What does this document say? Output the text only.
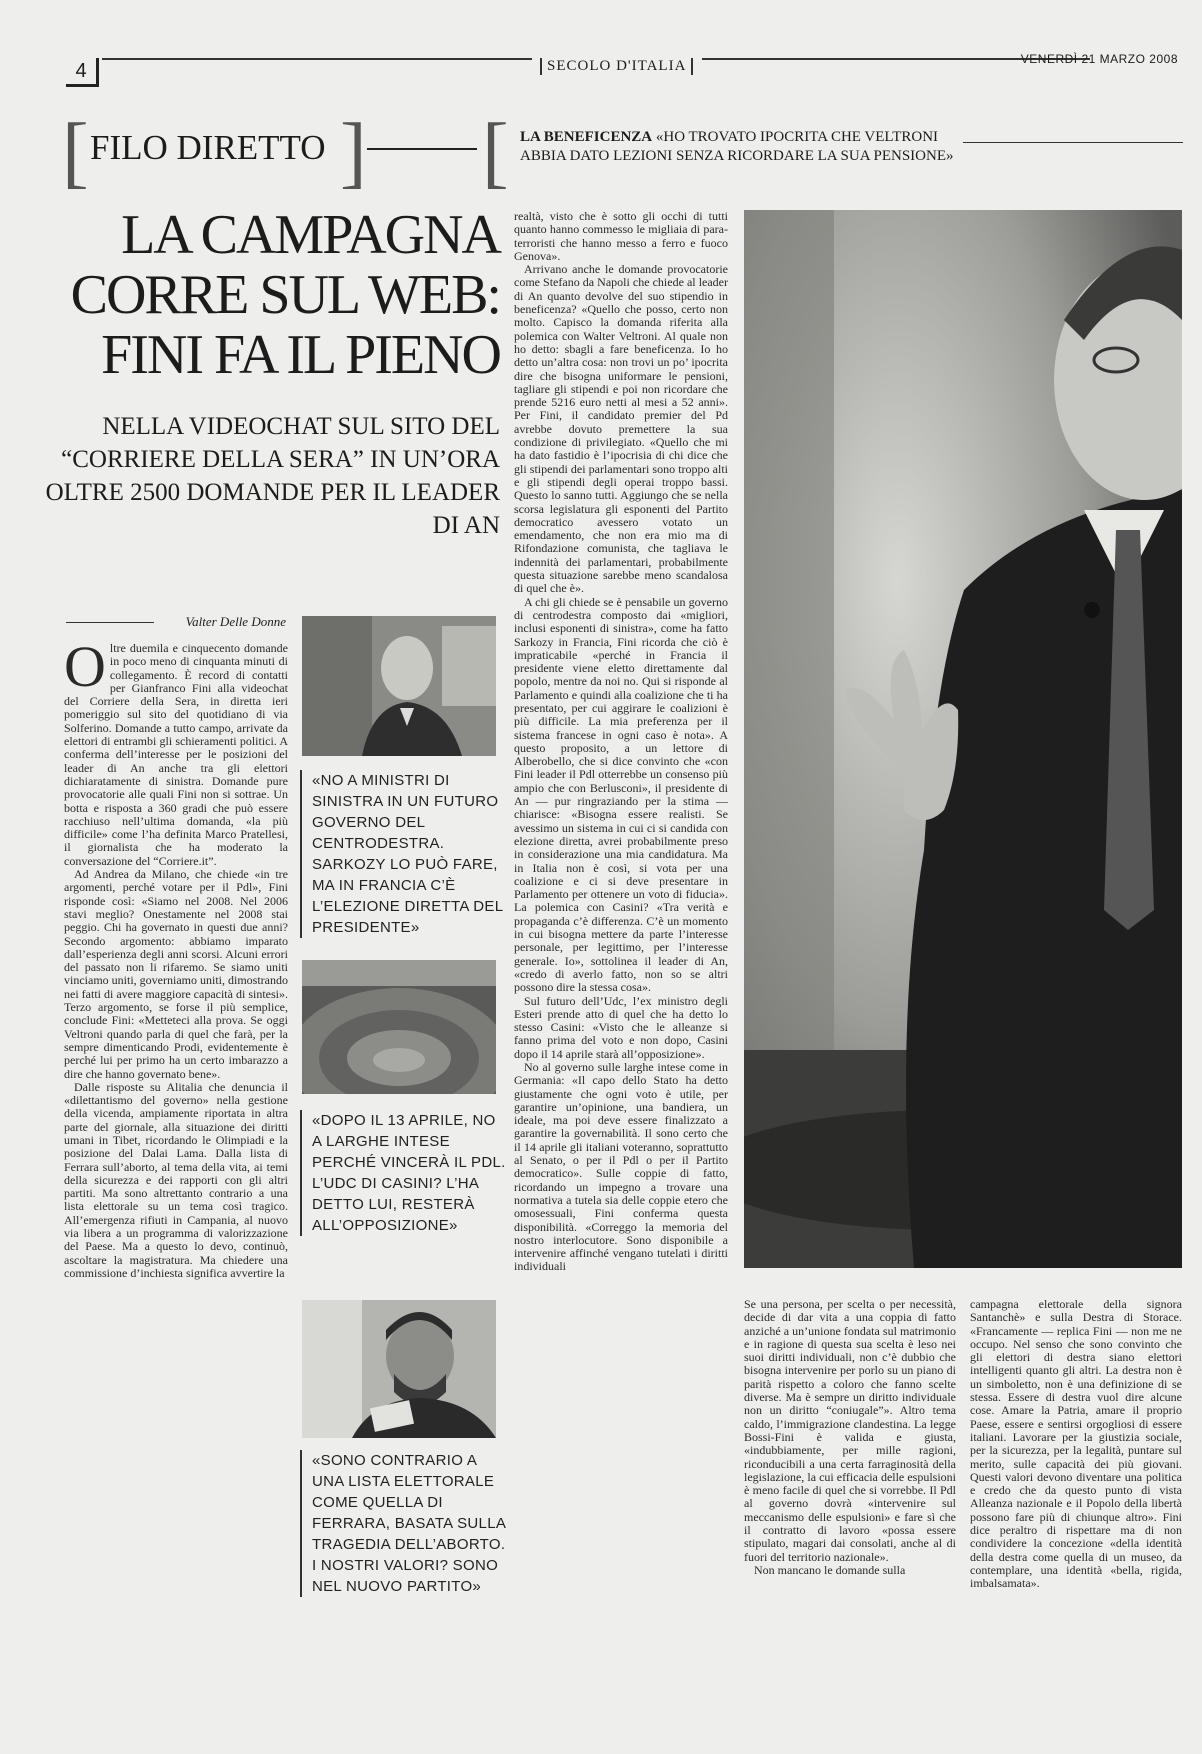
4	SECOLO D'ITALIA	VENERDÌ 21 MARZO 2008
[ FILO DIRETTO ] [ LA BENEFICENZA «HO TROVATO IPOCRITA CHE VELTRONI ABBIA DATO LEZIONI SENZA RICORDARE LA SUA PENSIONE»
LA CAMPAGNA CORRE SUL WEB: FINI FA IL PIENO
NELLA VIDEOCHAT SUL SITO DEL “CORRIERE DELLA SERA” IN UN’ORA OLTRE 2500 DOMANDE PER IL LEADER DI AN
Valter Delle Donne
O ltre duemila e cinquecento domande in poco meno di cinquanta minuti di collegamento. È record di contatti per Gianfranco Fini alla videochat del Corriere della Sera, in diretta ieri pomeriggio sul sito del quotidiano di via Solferino. Domande a tutto campo, arrivate da elettori di entrambi gli schieramenti politici. A conferma dell’interesse per le posizioni del leader di An anche tra gli elettori dichiaratamente di sinistra. Domande pure provocatorie alle quali Fini non si sottrae. Un botta e risposta a 360 gradi che può essere racchiuso nell’ultima domanda, «la più difficile» come l’ha definita Marco Pratellesi, il giornalista che ha moderato la conversazione del “Corriere.it”.

Ad Andrea da Milano, che chiede «in tre argomenti, perché votare per il Pdl», Fini risponde così: «Siamo nel 2008. Nel 2006 stavi meglio? Onestamente nel 2008 stai peggio. Chi ha governato in questi due anni? Secondo argomento: abbiamo imparato dall’esperienza degli anni scorsi. Alcuni errori del passato non li rifaremo. Se siamo uniti vinciamo uniti, governiamo uniti, dimostrando nei fatti di avere maggiore capacità di sintesi». Terzo argomento, se forse il più semplice, conclude Fini: «Metteteci alla prova. Se oggi Veltroni quando parla di quel che farà, per la sempre dimenticando Prodi, evidentemente è perché lui per primo ha un certo imbarazzo a dire che hanno governato bene».

Dalle risposte su Alitalia che denuncia il «dilettantismo del governo» nella gestione della vicenda, ampiamente riportata in altra parte del giornale, alla situazione dei diritti umani in Tibet, ricordando le Olimpiadi e la posizione del Dalai Lama. Dalla lista di Ferrara sull’aborto, al tema della vita, ai temi della sicurezza e dei rapporti con gli altri partiti. Ma sono altrettanto contrario a una lista elettorale su un tema così tragico. All’emergenza rifiuti in Campania, al nuovo via libera a un programma di valorizzazione del Paese. Ma a questo lo devo, continuò, ascoltare la magistratura. Ma chiedere una commissione d’inchiesta significa avvertire la

«NO A MINISTRI DI SINISTRA IN UN FUTURO GOVERNO DEL CENTRODESTRA. SARKOZY LO PUÒ FARE, MA IN FRANCIA C’È L’ELEZIONE DIRETTA DEL PRESIDENTE»
«DOPO IL 13 APRILE, NO A LARGHE INTESE PERCHÉ VINCERÀ IL PDL. L’UDC DI CASINI? L’HA DETTO LUI, RESTERÀ ALL’OPPOSIZIONE»
«SONO CONTRARIO A UNA LISTA ELETTORALE COME QUELLA DI FERRARA, BASATA SULLA TRAGEDIA DELL’ABORTO. I NOSTRI VALORI? SONO NEL NUOVO PARTITO»

realtà, visto che è sotto gli occhi di tutti quanto hanno commesso le migliaia di para-terroristi che hanno messo a ferro e fuoco Genova».

Arrivano anche le domande provocatorie come Stefano da Napoli che chiede al leader di An quanto devolve del suo stipendio in beneficenza? «Quello che posso, certo non molto. Capisco la domanda riferita alla polemica con Walter Veltroni. Al quale non ho detto: sbagli a fare beneficenza. Io ho detto un’altra cosa: non trovi un po’ ipocrita dire che bisogna uniformare le pensioni, tagliare gli stipendi e poi non ricordare che prende 5216 euro netti al mesi a 52 anni». Per Fini, il candidato premier del Pd avrebbe dovuto premettere la sua condizione di privilegiato. «Quello che mi ha dato fastidio è l’ipocrisia di chi dice che gli stipendi dei parlamentari sono troppo alti e gli stipendi degli operai troppo bassi. Questo lo sanno tutti. Aggiungo che se nella scorsa legislatura gli esponenti del Partito democratico avessero votato un emendamento, che non era mio ma di Rifondazione comunista, che tagliava le indennità dei parlamentari, probabilmente questa situazione sarebbe meno scandalosa di quel che è».

A chi gli chiede se è pensabile un governo di centrodestra composto dai «migliori, inclusi esponenti di sinistra», come ha fatto Sarkozy in Francia, Fini ricorda che ciò è impraticabile «perché in Francia il presidente viene eletto direttamente dal popolo, mentre da noi no. Qui si risponde al Parlamento e quindi alla coalizione che ti ha presentato, per cui aggirare le coalizioni è più difficile. La mia preferenza per il sistema francese in ogni caso è nota». A questo proposito, a un lettore di Alberobello, che si dice convinto che «con Fini leader il Pdl otterrebbe un consenso più ampio che con Berlusconi», il presidente di An — pur ringraziando per la stima — chiarisce: «Bisogna essere realisti. Se avessimo un sistema in cui ci si candida con elezione diretta, avrei probabilmente preso in considerazione una mia candidatura. Ma in Italia non è così, si vota per una coalizione e ci si deve presentare in Parlamento per ottenere un voto di fiducia». La polemica con Casini? «Tra verità e propaganda c’è differenza. C’è un momento in cui bisogna mettere da parte l’interesse personale, per legittimo, per l’interesse generale. Io», sottolinea il leader di An, «credo di averlo fatto, non so se altri possono dire la stessa cosa».

Sul futuro dell’Udc, l’ex ministro degli Esteri prende atto di quel che ha detto lo stesso Casini: «Visto che le alleanze si fanno prima del voto e non dopo, Casini dopo il 14 aprile starà all’opposizione».

No al governo sulle larghe intese come in Germania: «Il capo dello Stato ha detto giustamente che ogni voto è utile, per garantire un’opinione, una bandiera, un ideale, ma poi deve essere finalizzato a garantire la governabilità. Il sono certo che il 14 aprile gli italiani voteranno, soprattutto al Senato, o per il Pdl o per il Partito democratico». Sulle coppie di fatto, ricordando un impegno a trovare una normativa a tutela sia delle coppie etero che omosessuali, Fini conferma questa disponibilità. «Correggo la memoria del nostro interlocutore. Sono disponibile a intervenire affinché vengano tutelati i diritti individuali

Se una persona, per scelta o per necessità, decide di dar vita a una coppia di fatto anziché a un’unione fondata sul matrimonio e in ragione di questa sua scelta è leso nei suoi diritti individuali, non c’è dubbio che bisogna intervenire per porlo su un piano di parità rispetto a coloro che fanno scelte diverse. Ma è sempre un diritto individuale non un diritto “coniugale”». Altro tema caldo, l’immigrazione clandestina. La legge Bossi-Fini è valida e giusta, «indubbiamente, per mille ragioni, riconducibili a una certa farraginosità della legislazione, la cui efficacia delle espulsioni è meno facile di quel che si vorrebbe. Il Pdl al governo dovrà «intervenire sul meccanismo delle espulsioni» e fare sì che il contratto di lavoro «possa essere stipulato, magari dai consolati, anche al di fuori del territorio nazionale».

Non mancano le domande sulla

campagna elettorale della signora Santanchè» e sulla Destra di Storace. «Francamente — replica Fini — non me ne occupo. Nel senso che sono convinto che gli elettori di destra siano elettori intelligenti quanto gli altri. La destra non è un simboletto, non è una definizione di se stessa. Essere di destra vuol dire alcune cose. Amare la Patria, amare il proprio Paese, essere e sentirsi orgogliosi di essere italiani. Lavorare per la giustizia sociale, per la sicurezza, per la legalità, puntare sul merito, sulle capacità dei più giovani. Questi valori devono diventare una politica e credo che da questo punto di vista Alleanza nazionale e il Popolo della libertà possono fare più di chiunque altro». Fini dice peraltro di rispettare ma di non condividere la concezione «della identità della destra come quella di un museo, da contemplare, una identità «bella, rigida, imbalsamata».
